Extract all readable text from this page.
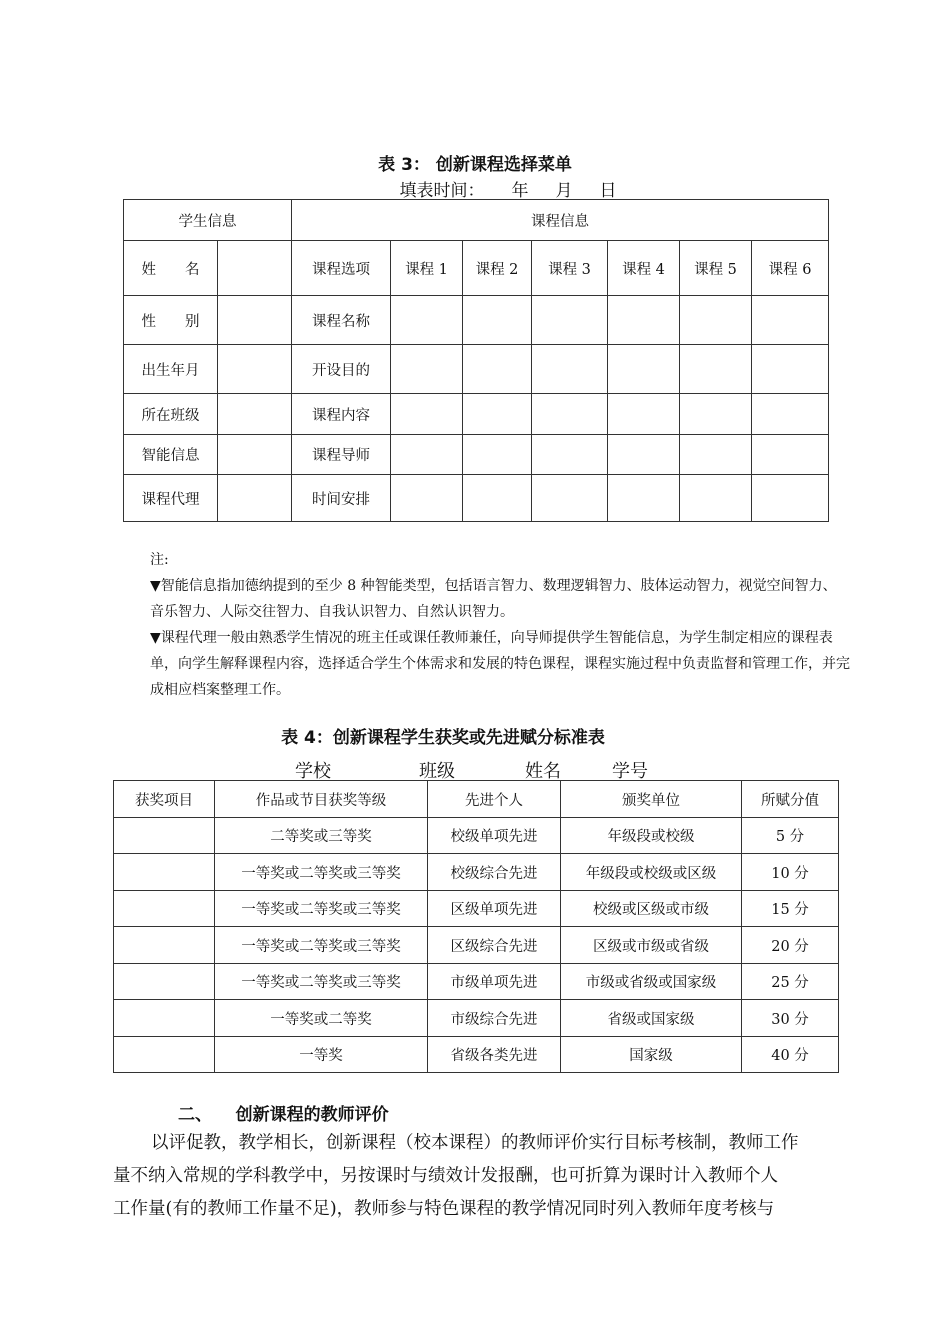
表 3： 创新课程选择菜单
填表时间：     年     月     日
学生信息		课程信息						
姓　　名		课程选项	课程 1	课程 2	课程 3	课程 4	课程 5	课程 6
性　　别		课程名称						
出生年月		开设目的						
所在班级		课程内容						
智能信息		课程导师						
课程代理		时间安排						
注:
▼智能信息指加德纳提到的至少 8 种智能类型，包括语言智力、数理逻辑智力、肢体运动智力，视觉空间智力、音乐智力、人际交往智力、自我认识智力、自然认识智力。
▼课程代理一般由熟悉学生情况的班主任或课任教师兼任，向导师提供学生智能信息，为学生制定相应的课程表单，向学生解释课程内容，选择适合学生个体需求和发展的特色课程，课程实施过程中负责监督和管理工作，并完成相应档案整理工作。
表 4：创新课程学生获奖或先进赋分标准表
学校	班级	姓名	学号
获奖项目	作品或节目获奖等级	先进个人	颁奖单位	所赋分值
	二等奖或三等奖	校级单项先进	年级段或校级	5 分
	一等奖或二等奖或三等奖	校级综合先进	年级段或校级或区级	10 分
	一等奖或二等奖或三等奖	区级单项先进	校级或区级或市级	15 分
	一等奖或二等奖或三等奖	区级综合先进	区级或市级或省级	20 分
	一等奖或二等奖或三等奖	市级单项先进	市级或省级或国家级	25 分
	一等奖或二等奖	市级综合先进	省级或国家级	30 分
	一等奖	省级各类先进	国家级	40 分
二、    创新课程的教师评价
以评促教，教学相长，创新课程（校本课程）的教师评价实行目标考核制，教师工作
量不纳入常规的学科教学中，另按课时与绩效计发报酬，也可折算为课时计入教师个人
工作量(有的教师工作量不足)，教师参与特色课程的教学情况同时列入教师年度考核与
